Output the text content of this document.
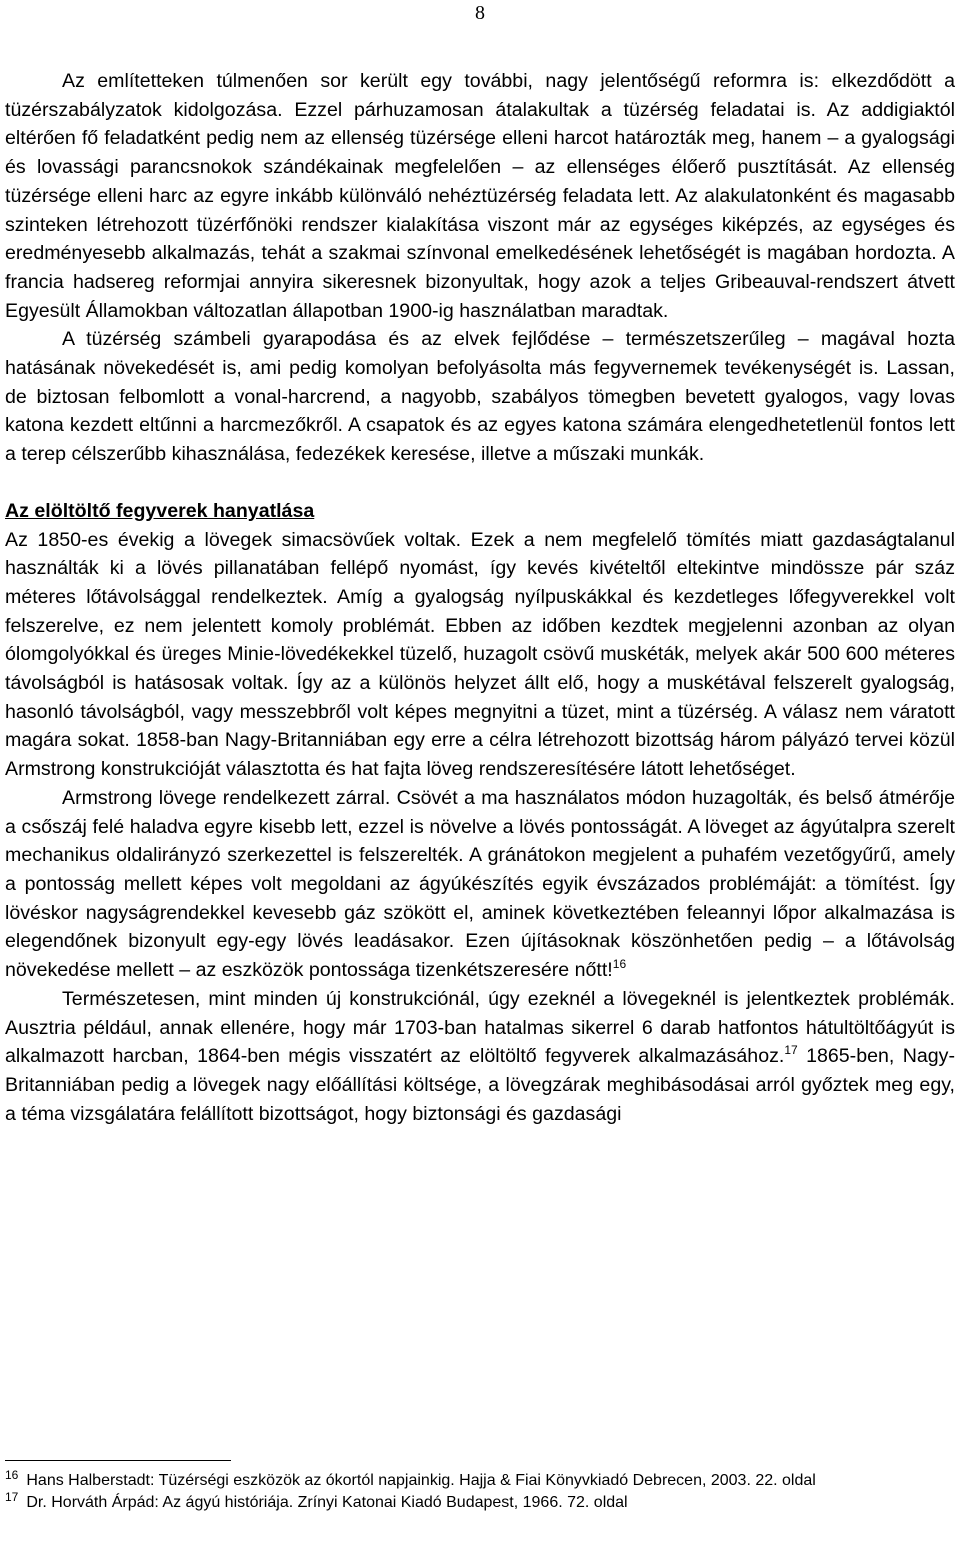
8

Az említetteken túlmenően sor került egy további, nagy jelentőségű reformra is: elkezdődött a tüzérszabályzatok kidolgozása. Ezzel párhuzamosan átalakultak a tüzérség feladatai is. Az addigiaktól eltérően fő feladatként pedig nem az ellenség tüzérsége elleni harcot határozták meg, hanem – a gyalogsági és lovassági parancsnokok szándékainak megfelelően – az ellenséges élőerő pusztítását. Az ellenség tüzérsége elleni harc az egyre inkább különváló nehéztüzérség feladata lett. Az alakulatonként és magasabb szinteken létrehozott tüzérfőnöki rendszer kialakítása viszont már az egységes kiképzés, az egységes és eredményesebb alkalmazás, tehát a szakmai színvonal emelkedésének lehetőségét is magában hordozta. A francia hadsereg reformjai annyira sikeresnek bizonyultak, hogy azok a teljes Gribeauval-rendszert átvett Egyesült Államokban változatlan állapotban 1900-ig használatban maradtak.

A tüzérség számbeli gyarapodása és az elvek fejlődése – természetszerűleg – magával hozta hatásának növekedését is, ami pedig komolyan befolyásolta más fegyvernemek tevékenységét is. Lassan, de biztosan felbomlott a vonal-harcrend, a nagyobb, szabályos tömegben bevetett gyalogos, vagy lovas katona kezdett eltűnni a harcmezőkről. A csapatok és az egyes katona számára elengedhetetlenül fontos lett a terep célszerűbb kihasználása, fedezékek keresése, illetve a műszaki munkák.

Az elöltöltő fegyverek hanyatlása

Az 1850-es évekig a lövegek simacsövűek voltak. Ezek a nem megfelelő tömítés miatt gazdaságtalanul használták ki a lövés pillanatában fellépő nyomást, így kevés kivételtől eltekintve mindössze pár száz méteres lőtávolsággal rendelkeztek. Amíg a gyalogság nyílpuskákkal és kezdetleges lőfegyverekkel volt felszerelve, ez nem jelentett komoly problémát. Ebben az időben kezdtek megjelenni azonban az olyan ólomgolyókkal és üreges Minie-lövedékekkel tüzelő, huzagolt csövű muskéták, melyek akár 500 600 méteres távolságból is hatásosak voltak. Így az a különös helyzet állt elő, hogy a muskétával felszerelt gyalogság, hasonló távolságból, vagy messzebbről volt képes megnyitni a tüzet, mint a tüzérség. A válasz nem váratott magára sokat. 1858-ban Nagy-Britanniában egy erre a célra létrehozott bizottság három pályázó tervei közül Armstrong konstrukcióját választotta és hat fajta löveg rendszeresítésére látott lehetőséget.

Armstrong lövege rendelkezett zárral. Csövét a ma használatos módon huzagolták, és belső átmérője a csőszáj felé haladva egyre kisebb lett, ezzel is növelve a lövés pontosságát. A löveget az ágyútalpra szerelt mechanikus oldalirányzó szerkezettel is felszerelték. A gránátokon megjelent a puhafém vezetőgyűrű, amely a pontosság mellett képes volt megoldani az ágyúkészítés egyik évszázados problémáját: a tömítést. Így lövéskor nagyságrendekkel kevesebb gáz szökött el, aminek következtében feleannyi lőpor alkalmazása is elegendőnek bizonyult egy-egy lövés leadásakor. Ezen újításoknak köszönhetően pedig – a lőtávolság növekedése mellett – az eszközök pontossága tizenkétszeresére nőtt!$^{16}$

Természetesen, mint minden új konstrukciónál, úgy ezeknél a lövegeknél is jelentkeztek problémák. Ausztria például, annak ellenére, hogy már 1703-ban hatalmas sikerrel 6 darab hatfontos hátultöltőágyút is alkalmazott harcban, 1864-ben mégis visszatért az elöltöltő fegyverek alkalmazásához.$^{17}$ 1865-ben, Nagy-Britanniában pedig a lövegek nagy előállítási költsége, a lövegzárak meghibásodásai arról győztek meg egy, a téma vizsgálatára felállított bizottságot, hogy biztonsági és gazdasági

$^{16}$ Hans Halberstadt: Tüzérségi eszközök az ókortól napjainkig. Hajja & Fiai Könyvkiadó Debrecen, 2003. 22. oldal
$^{17}$ Dr. Horváth Árpád: Az ágyú históriája. Zrínyi Katonai Kiadó Budapest, 1966. 72. oldal
